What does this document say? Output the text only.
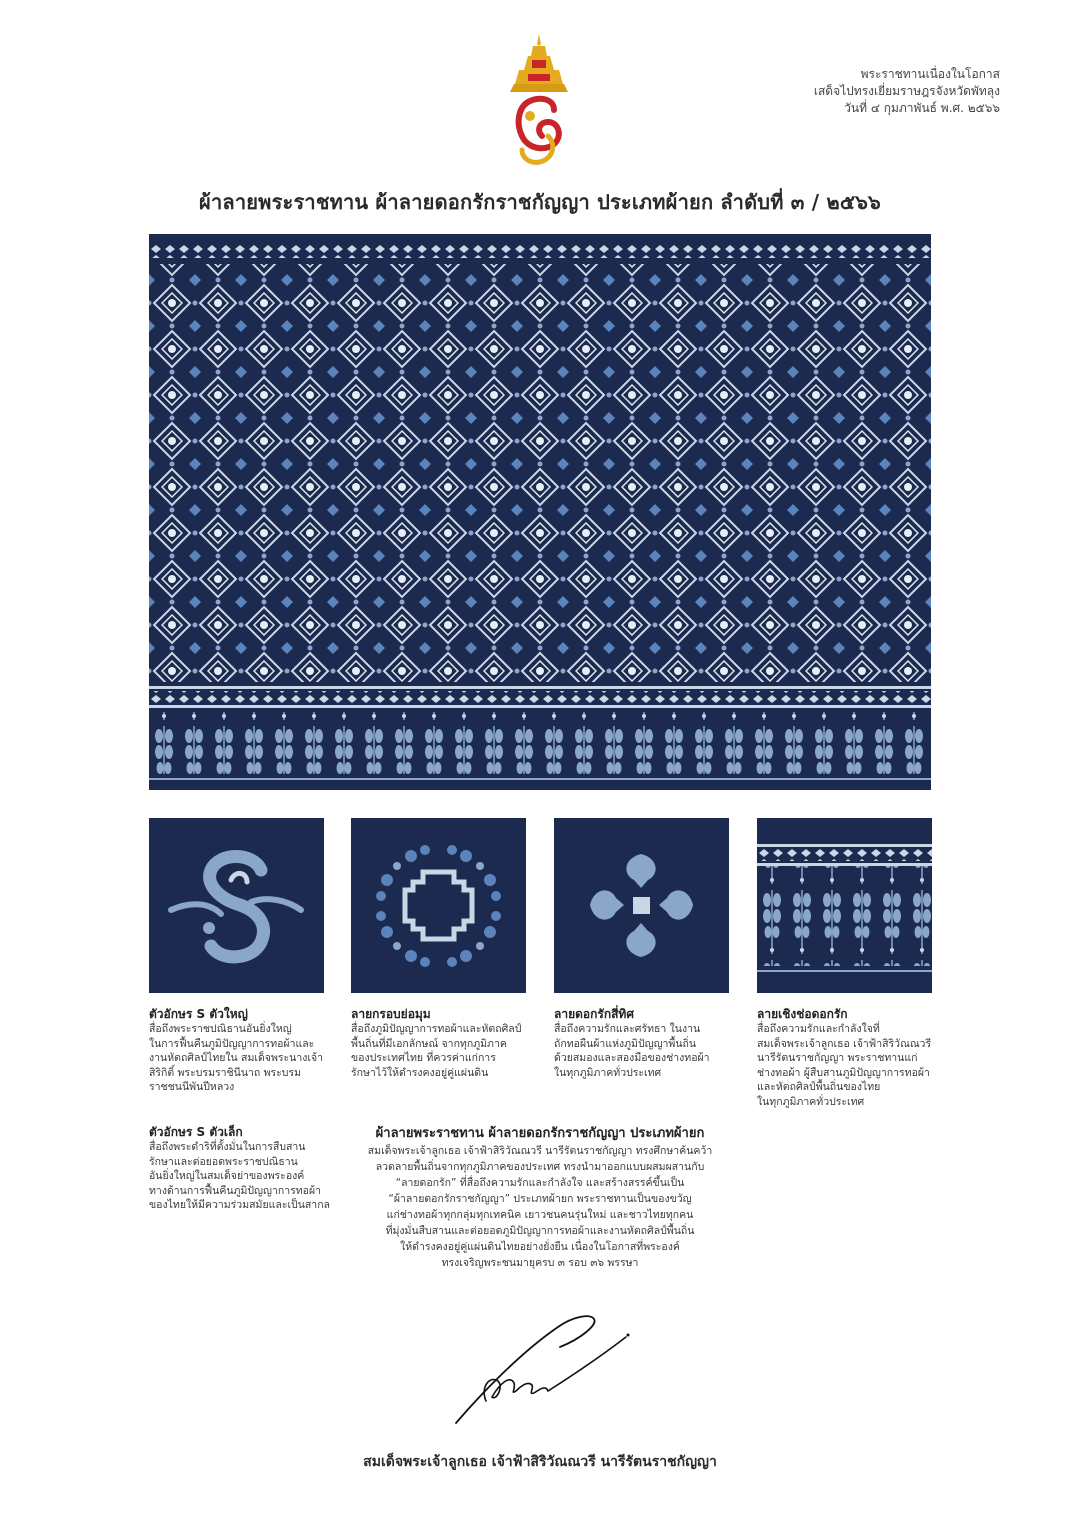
พระราชทานเนื่องในโอกาส
เสด็จไปทรงเยี่ยมราษฎรจังหวัดพัทลุง
วันที่ ๔ กุมภาพันธ์ พ.ศ. ๒๕๖๖
ผ้าลายพระราชทาน ผ้าลายดอกรักราชกัญญา ประเภทผ้ายก ลำดับที่ ๓ / ๒๕๖๖
ตัวอักษร S ตัวใหญ่
สื่อถึงพระราชปณิธานอันยิ่งใหญ่
ในการฟื้นคืนภูมิปัญญาการทอผ้าและ
งานหัตถศิลป์ไทยใน สมเด็จพระนางเจ้า
สิริกิติ์ พระบรมราชินีนาถ พระบรม
ราชชนนีพันปีหลวง
ตัวอักษร S ตัวเล็ก
สื่อถึงพระดำริที่ตั้งมั่นในการสืบสาน
รักษาและต่อยอดพระราชปณิธาน
อันยิ่งใหญ่ในสมเด็จย่าของพระองค์
ทางด้านการฟื้นคืนภูมิปัญญาการทอผ้า
ของไทยให้มีความร่วมสมัยและเป็นสากล
ลายกรอบย่อมุม
สื่อถึงภูมิปัญญาการทอผ้าและหัตถศิลป์
พื้นถิ่นที่มีเอกลักษณ์ จากทุกภูมิภาค
ของประเทศไทย ที่ควรค่าแก่การ
รักษาไว้ให้ดำรงคงอยู่คู่แผ่นดิน
ลายดอกรักสี่ทิศ
สื่อถึงความรักและศรัทธา ในงาน
ถักทอผืนผ้าแห่งภูมิปัญญาพื้นถิ่น
ด้วยสมองและสองมือของช่างทอผ้า
ในทุกภูมิภาคทั่วประเทศ
ลายเชิงช่อดอกรัก
สื่อถึงความรักและกำลังใจที่
สมเด็จพระเจ้าลูกเธอ เจ้าฟ้าสิริวัณณวรี
นารีรัตนราชกัญญา พระราชทานแก่
ช่างทอผ้า ผู้สืบสานภูมิปัญญาการทอผ้า
และหัตถศิลป์พื้นถิ่นของไทย
ในทุกภูมิภาคทั่วประเทศ
ผ้าลายพระราชทาน ผ้าลายดอกรักราชกัญญา ประเภทผ้ายก
สมเด็จพระเจ้าลูกเธอ เจ้าฟ้าสิริวัณณวรี นารีรัตนราชกัญญา ทรงศึกษาค้นคว้า
ลวดลายพื้นถิ่นจากทุกภูมิภาคของประเทศ ทรงนำมาออกแบบผสมผสานกับ
“ลายดอกรัก” ที่สื่อถึงความรักและกำลังใจ และสร้างสรรค์ขึ้นเป็น
“ผ้าลายดอกรักราชกัญญา” ประเภทผ้ายก พระราชทานเป็นของขวัญ
แก่ช่างทอผ้าทุกกลุ่มทุกเทคนิค เยาวชนคนรุ่นใหม่ และชาวไทยทุกคน
ที่มุ่งมั่นสืบสานและต่อยอดภูมิปัญญาการทอผ้าและงานหัตถศิลป์พื้นถิ่น
ให้ดำรงคงอยู่คู่แผ่นดินไทยอย่างยั่งยืน เนื่องในโอกาสที่พระองค์
ทรงเจริญพระชนมายุครบ ๓ รอบ ๓๖ พรรษา
สมเด็จพระเจ้าลูกเธอ เจ้าฟ้าสิริวัณณวรี นารีรัตนราชกัญญา
